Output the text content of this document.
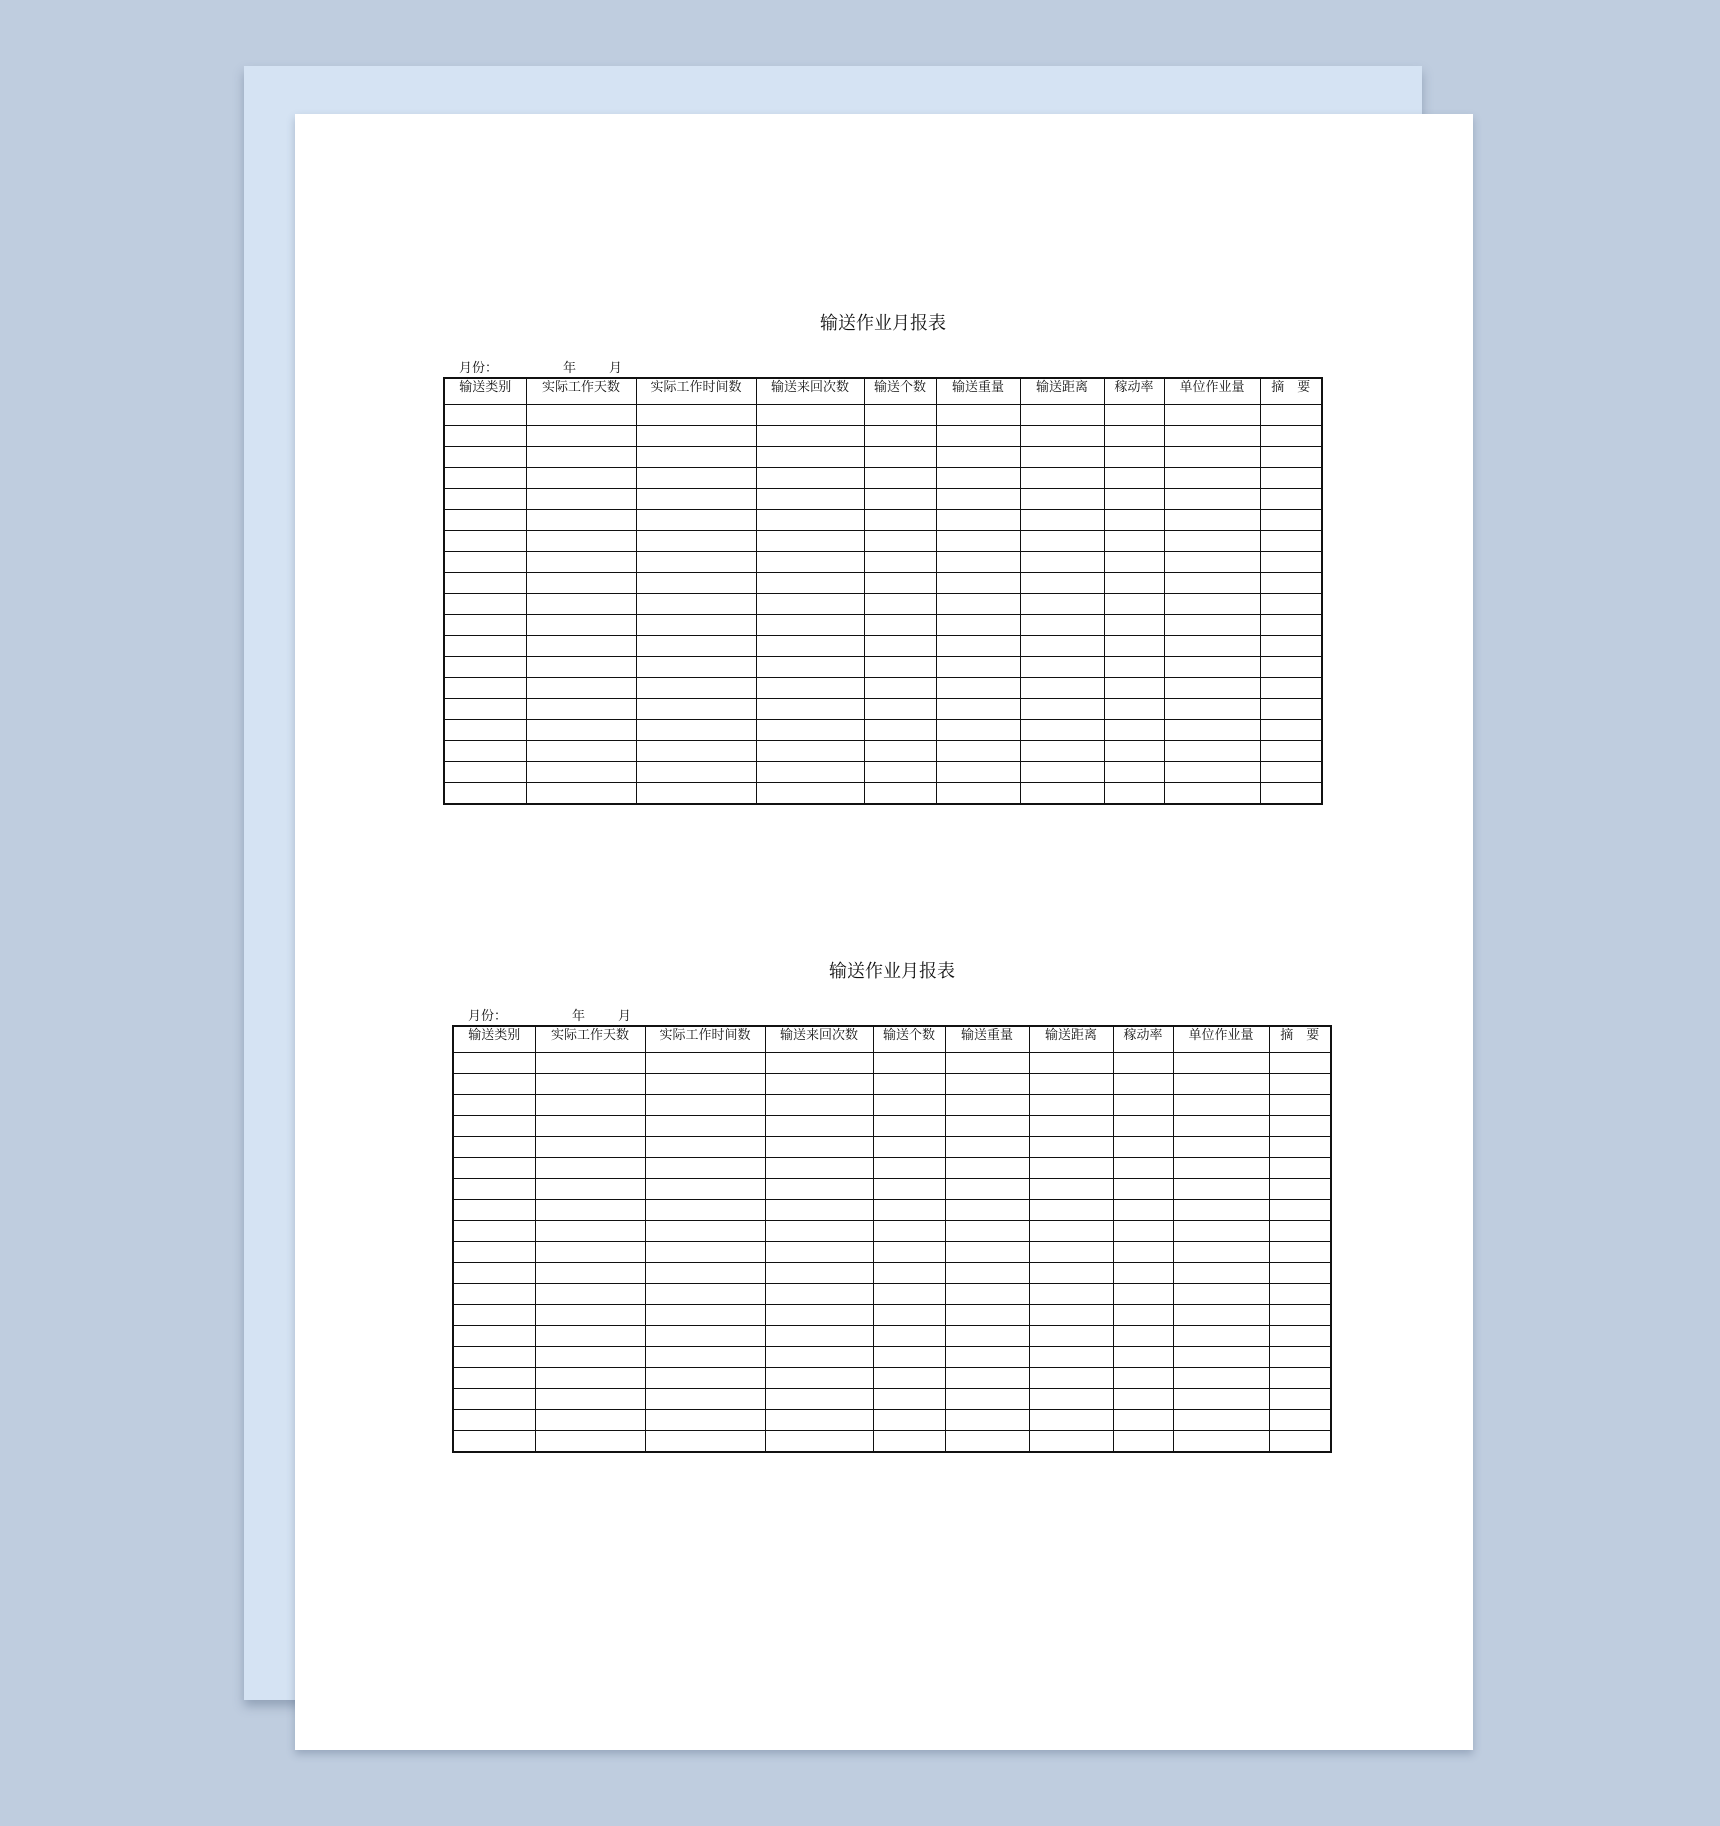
输送作业月报表
月份：	年	月
输送类别	实际工作天数	实际工作时间数	输送来回次数	输送个数	输送重量	输送距离	稼动率	单位作业量	摘　要

输送作业月报表
月份：	年	月
输送类别	实际工作天数	实际工作时间数	输送来回次数	输送个数	输送重量	输送距离	稼动率	单位作业量	摘　要
